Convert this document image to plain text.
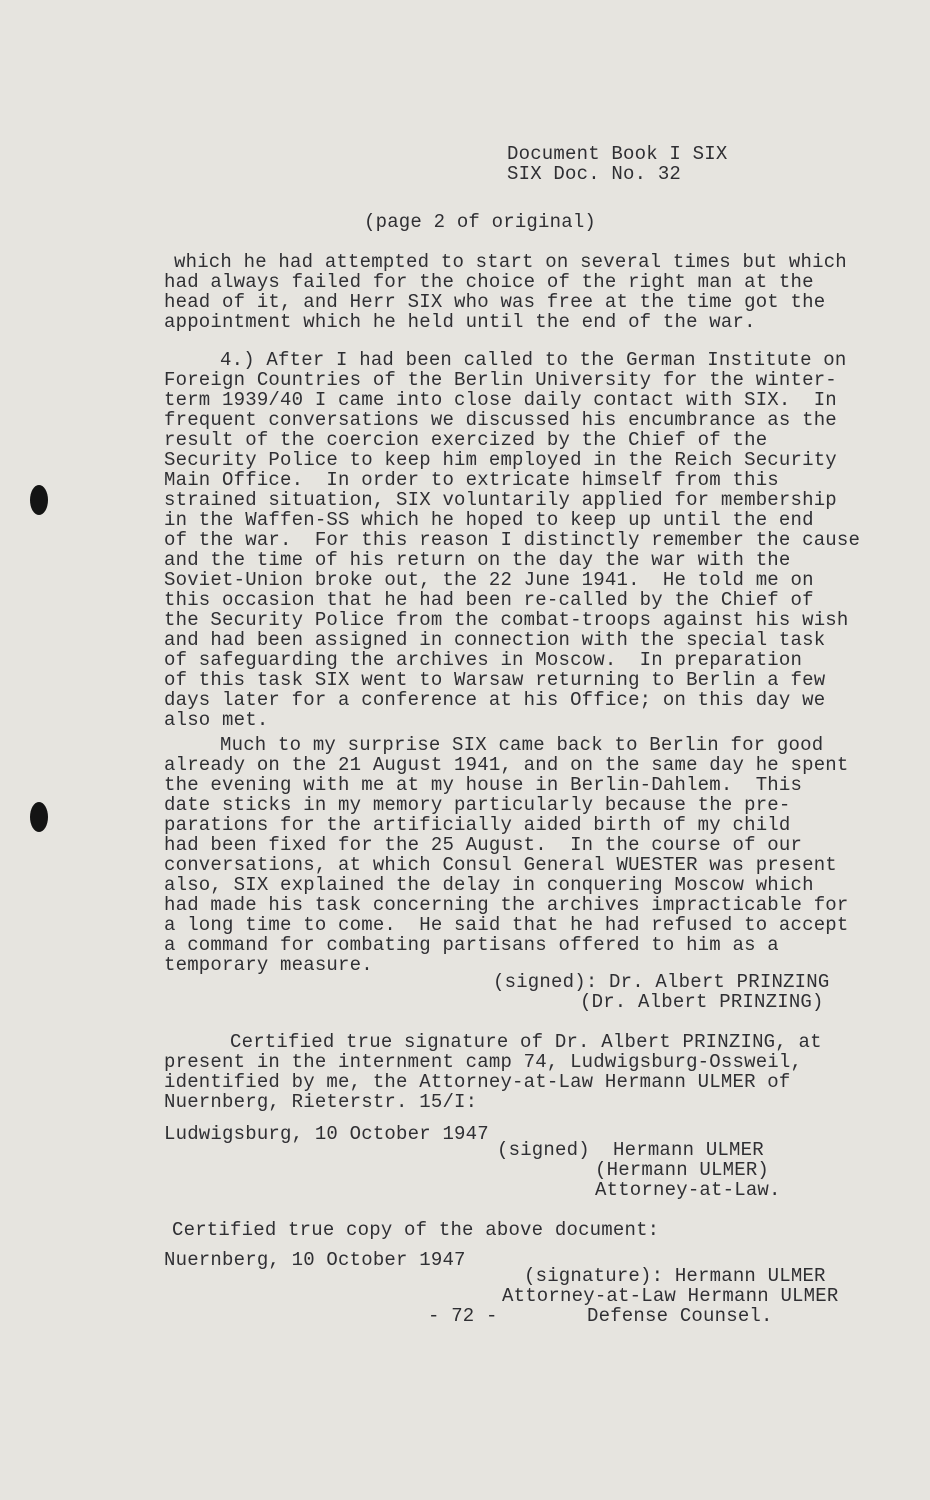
Document Book I SIX
SIX Doc. No. 32
(page 2 of original)
which he had attempted to start on several times but which
had always failed for the choice of the right man at the
head of it, and Herr SIX who was free at the time got the
appointment which he held until the end of the war.
4.) After I had been called to the German Institute on
Foreign Countries of the Berlin University for the winter-
term 1939/40 I came into close daily contact with SIX.  In
frequent conversations we discussed his encumbrance as the
result of the coercion exercized by the Chief of the
Security Police to keep him employed in the Reich Security
Main Office.  In order to extricate himself from this
strained situation, SIX voluntarily applied for membership
in the Waffen-SS which he hoped to keep up until the end
of the war.  For this reason I distinctly remember the cause
and the time of his return on the day the war with the
Soviet-Union broke out, the 22 June 1941.  He told me on
this occasion that he had been re-called by the Chief of
the Security Police from the combat-troops against his wish
and had been assigned in connection with the special task
of safeguarding the archives in Moscow.  In preparation
of this task SIX went to Warsaw returning to Berlin a few
days later for a conference at his Office; on this day we
also met.
Much to my surprise SIX came back to Berlin for good
already on the 21 August 1941, and on the same day he spent
the evening with me at my house in Berlin-Dahlem.  This
date sticks in my memory particularly because the pre-
parations for the artificially aided birth of my child
had been fixed for the 25 August.  In the course of our
conversations, at which Consul General WUESTER was present
also, SIX explained the delay in conquering Moscow which
had made his task concerning the archives impracticable for
a long time to come.  He said that he had refused to accept
a command for combating partisans offered to him as a
temporary measure.
(signed): Dr. Albert PRINZING
(Dr. Albert PRINZING)
Certified true signature of Dr. Albert PRINZING, at
present in the internment camp 74, Ludwigsburg-Ossweil,
identified by me, the Attorney-at-Law Hermann ULMER of
Nuernberg, Rieterstr. 15/I:
Ludwigsburg, 10 October 1947
(signed)  Hermann ULMER
(Hermann ULMER)
Attorney-at-Law.
Certified true copy of the above document:
Nuernberg, 10 October 1947
(signature): Hermann ULMER
Attorney-at-Law Hermann ULMER
Defense Counsel.
- 72 -
